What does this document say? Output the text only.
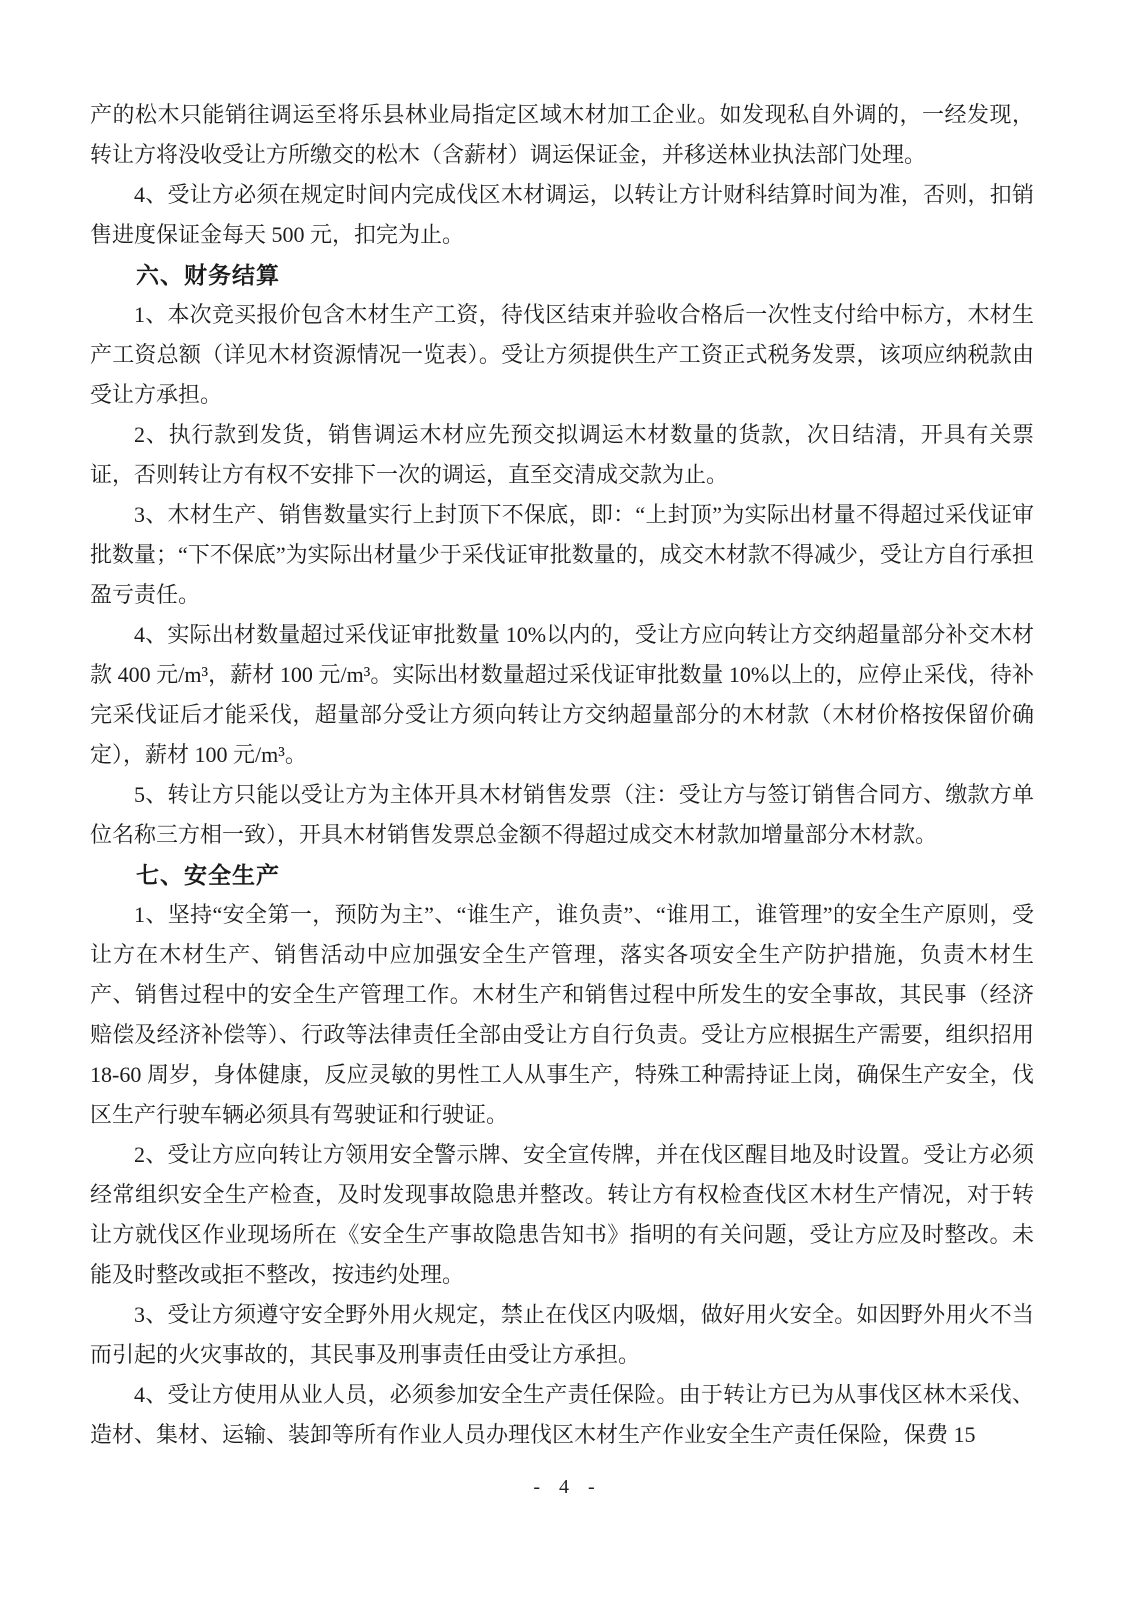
产的松木只能销往调运至将乐县林业局指定区域木材加工企业。如发现私自外调的，一经发现，转让方将没收受让方所缴交的松木（含薪材）调运保证金，并移送林业执法部门处理。

4、受让方必须在规定时间内完成伐区木材调运，以转让方计财科结算时间为准，否则，扣销售进度保证金每天 500 元，扣完为止。

六、财务结算

1、本次竞买报价包含木材生产工资，待伐区结束并验收合格后一次性支付给中标方，木材生产工资总额（详见木材资源情况一览表）。受让方须提供生产工资正式税务发票，该项应纳税款由受让方承担。

2、执行款到发货，销售调运木材应先预交拟调运木材数量的货款，次日结清，开具有关票证，否则转让方有权不安排下一次的调运，直至交清成交款为止。

3、木材生产、销售数量实行上封顶下不保底，即：“上封顶”为实际出材量不得超过采伐证审批数量；“下不保底”为实际出材量少于采伐证审批数量的，成交木材款不得减少，受让方自行承担盈亏责任。

4、实际出材数量超过采伐证审批数量 10%以内的，受让方应向转让方交纳超量部分补交木材款 400 元/m³，薪材 100 元/m³。实际出材数量超过采伐证审批数量 10%以上的，应停止采伐，待补完采伐证后才能采伐，超量部分受让方须向转让方交纳超量部分的木材款（木材价格按保留价确定），薪材 100 元/m³。

5、转让方只能以受让方为主体开具木材销售发票（注：受让方与签订销售合同方、缴款方单位名称三方相一致），开具木材销售发票总金额不得超过成交木材款加增量部分木材款。

七、安全生产

1、坚持“安全第一，预防为主”、“谁生产，谁负责”、“谁用工，谁管理”的安全生产原则，受让方在木材生产、销售活动中应加强安全生产管理，落实各项安全生产防护措施，负责木材生产、销售过程中的安全生产管理工作。木材生产和销售过程中所发生的安全事故，其民事（经济赔偿及经济补偿等）、行政等法律责任全部由受让方自行负责。受让方应根据生产需要，组织招用 18-60 周岁，身体健康，反应灵敏的男性工人从事生产，特殊工种需持证上岗，确保生产安全，伐区生产行驶车辆必须具有驾驶证和行驶证。

2、受让方应向转让方领用安全警示牌、安全宣传牌，并在伐区醒目地及时设置。受让方必须经常组织安全生产检查，及时发现事故隐患并整改。转让方有权检查伐区木材生产情况，对于转让方就伐区作业现场所在《安全生产事故隐患告知书》指明的有关问题，受让方应及时整改。未能及时整改或拒不整改，按违约处理。

3、受让方须遵守安全野外用火规定，禁止在伐区内吸烟，做好用火安全。如因野外用火不当而引起的火灾事故的，其民事及刑事责任由受让方承担。

4、受让方使用从业人员，必须参加安全生产责任保险。由于转让方已为从事伐区林木采伐、造材、集材、运输、装卸等所有作业人员办理伐区木材生产作业安全生产责任保险，保费 15

- 4 -
